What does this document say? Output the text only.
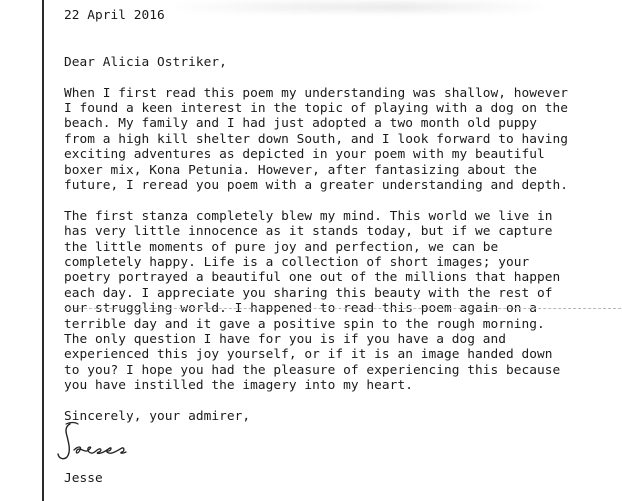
22 April 2016
Dear Alicia Ostriker,
When I first read this poem my understanding was shallow, however
I found a keen interest in the topic of playing with a dog on the
beach. My family and I had just adopted a two month old puppy
from a high kill shelter down South, and I look forward to having
exciting adventures as depicted in your poem with my beautiful
boxer mix, Kona Petunia. However, after fantasizing about the
future, I reread you poem with a greater understanding and depth.
The first stanza completely blew my mind. This world we live in
has very little innocence as it stands today, but if we capture
the little moments of pure joy and perfection, we can be
completely happy. Life is a collection of short images; your
poetry portrayed a beautiful one out of the millions that happen
each day. I appreciate you sharing this beauty with the rest of
our struggling world. I happened to read this poem again on a
terrible day and it gave a positive spin to the rough morning.
The only question I have for you is if you have a dog and
experienced this joy yourself, or if it is an image handed down
to you? I hope you had the pleasure of experiencing this because
you have instilled the imagery into my heart.
Sincerely, your admirer,
Jesse
